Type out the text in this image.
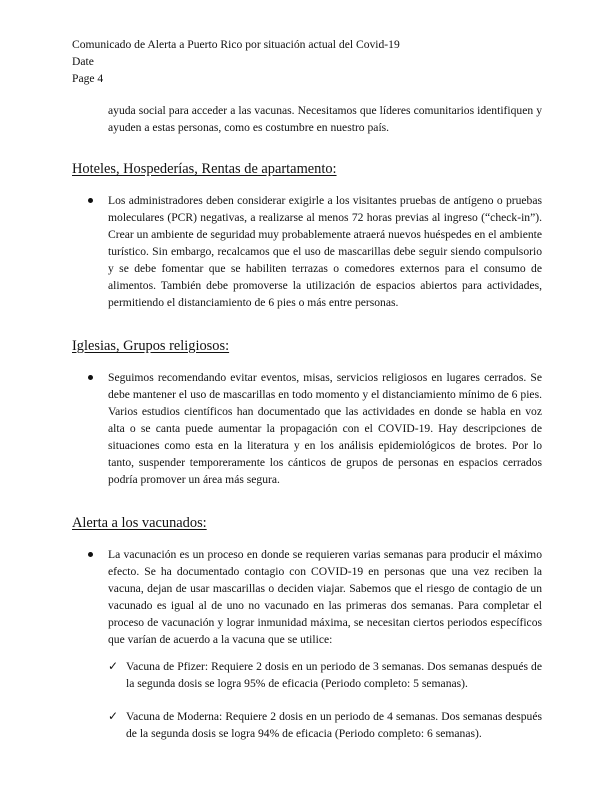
Comunicado de Alerta a Puerto Rico por situación actual del Covid-19
Date
Page 4

ayuda social para acceder a las vacunas. Necesitamos que líderes comunitarios identifiquen y ayuden a estas personas, como es costumbre en nuestro país.

Hoteles, Hospederías, Rentas de apartamento:
Los administradores deben considerar exigirle a los visitantes pruebas de antígeno o pruebas moleculares (PCR) negativas, a realizarse al menos 72 horas previas al ingreso (“check-in”). Crear un ambiente de seguridad muy probablemente atraerá nuevos huéspedes en el ambiente turístico. Sin embargo, recalcamos que el uso de mascarillas debe seguir siendo compulsorio y se debe fomentar que se habiliten terrazas o comedores externos para el consumo de alimentos. También debe promoverse la utilización de espacios abiertos para actividades, permitiendo el distanciamiento de 6 pies o más entre personas.
Iglesias, Grupos religiosos:
Seguimos recomendando evitar eventos, misas, servicios religiosos en lugares cerrados. Se debe mantener el uso de mascarillas en todo momento y el distanciamiento mínimo de 6 pies. Varios estudios científicos han documentado que las actividades en donde se habla en voz alta o se canta puede aumentar la propagación con el COVID-19. Hay descripciones de situaciones como esta en la literatura y en los análisis epidemiológicos de brotes. Por lo tanto, suspender temporeramente los cánticos de grupos de personas en espacios cerrados podría promover un área más segura.
Alerta a los vacunados:
La vacunación es un proceso en donde se requieren varias semanas para producir el máximo efecto. Se ha documentado contagio con COVID-19 en personas que una vez reciben la vacuna, dejan de usar mascarillas o deciden viajar. Sabemos que el riesgo de contagio de un vacunado es igual al de uno no vacunado en las primeras dos semanas. Para completar el proceso de vacunación y lograr inmunidad máxima, se necesitan ciertos periodos específicos que varían de acuerdo a la vacuna que se utilice:
✓ Vacuna de Pfizer: Requiere 2 dosis en un periodo de 3 semanas. Dos semanas después de la segunda dosis se logra 95% de eficacia (Periodo completo: 5 semanas).
✓ Vacuna de Moderna: Requiere 2 dosis en un periodo de 4 semanas. Dos semanas después de la segunda dosis se logra 94% de eficacia (Periodo completo: 6 semanas).
